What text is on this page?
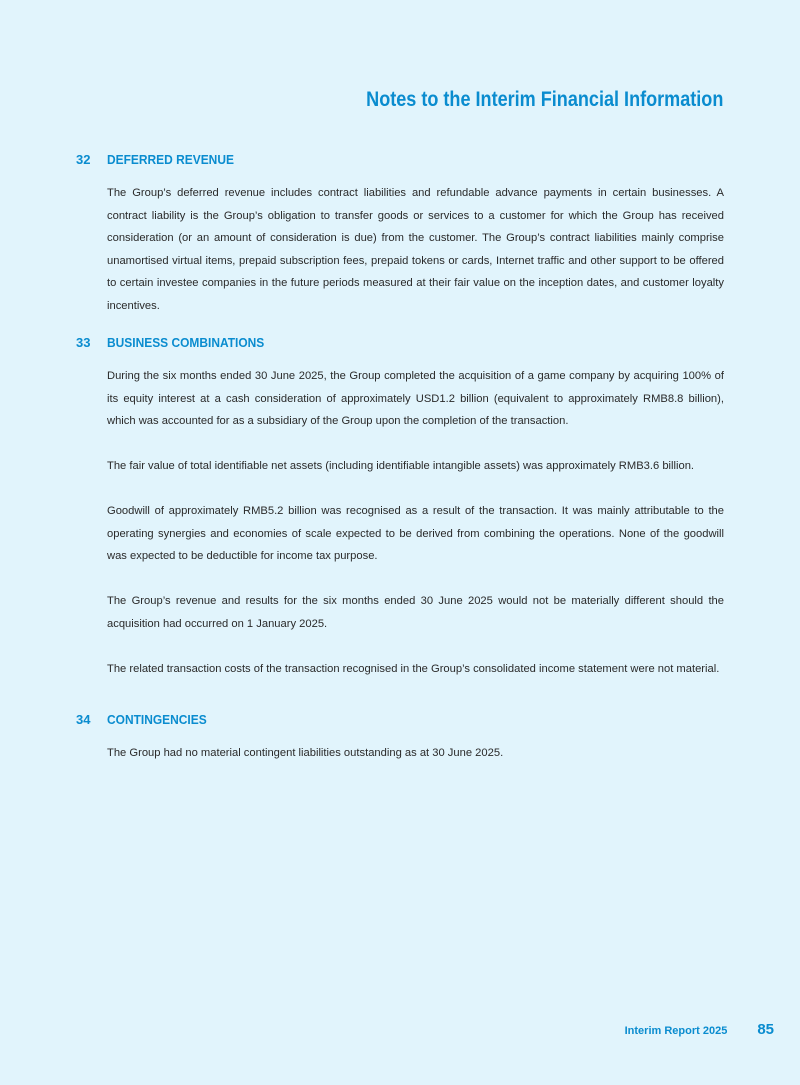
Notes to the Interim Financial Information
32	DEFERRED REVENUE

The Group’s deferred revenue includes contract liabilities and refundable advance payments in certain businesses. A contract liability is the Group’s obligation to transfer goods or services to a customer for which the Group has received consideration (or an amount of consideration is due) from the customer. The Group’s contract liabilities mainly comprise unamortised virtual items, prepaid subscription fees, prepaid tokens or cards, Internet traffic and other support to be offered to certain investee companies in the future periods measured at their fair value on the inception dates, and customer loyalty incentives.

33	BUSINESS COMBINATIONS

During the six months ended 30 June 2025, the Group completed the acquisition of a game company by acquiring 100% of its equity interest at a cash consideration of approximately USD1.2 billion (equivalent to approximately RMB8.8 billion), which was accounted for as a subsidiary of the Group upon the completion of the transaction.

The fair value of total identifiable net assets (including identifiable intangible assets) was approximately RMB3.6 billion.

Goodwill of approximately RMB5.2 billion was recognised as a result of the transaction. It was mainly attributable to the operating synergies and economies of scale expected to be derived from combining the operations. None of the goodwill was expected to be deductible for income tax purpose.

The Group’s revenue and results for the six months ended 30 June 2025 would not be materially different should the acquisition had occurred on 1 January 2025.

The related transaction costs of the transaction recognised in the Group’s consolidated income statement were not material.

34	CONTINGENCIES

The Group had no material contingent liabilities outstanding as at 30 June 2025.

Interim Report 2025 85
